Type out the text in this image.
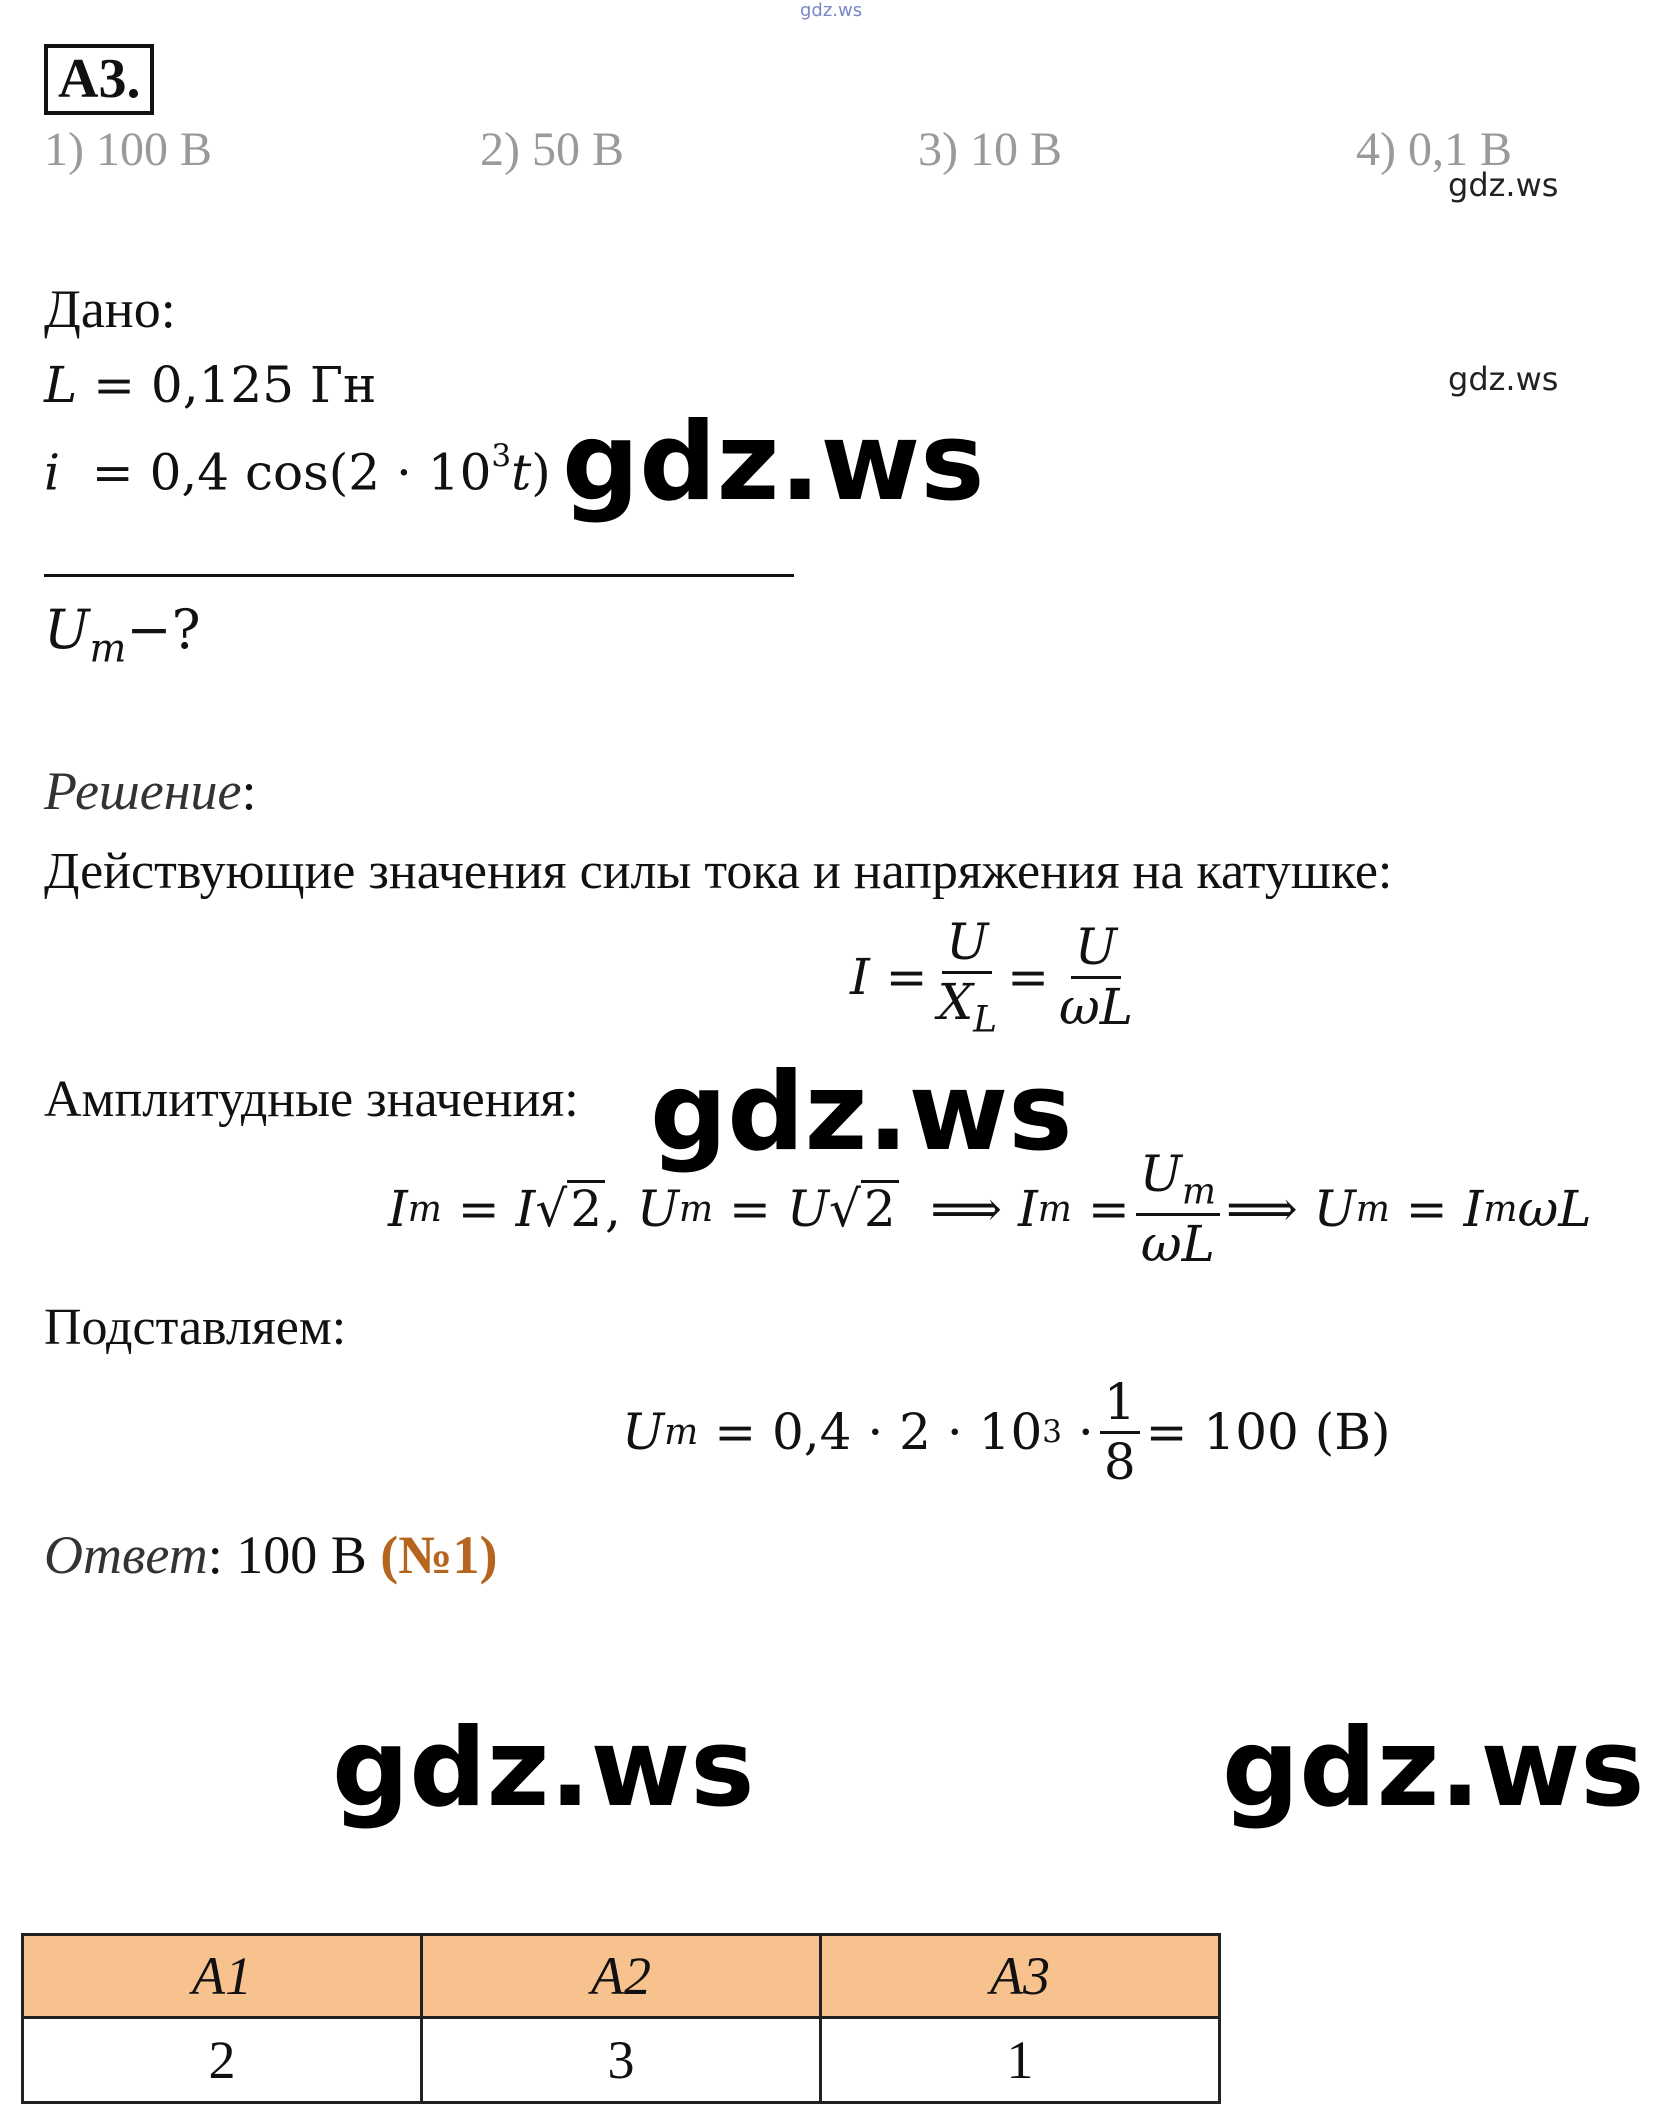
gdz.ws
А3.
1) 100 В	2) 50 В	3) 10 В	4) 0,1 В
gdz.ws
gdz.ws
Дано:
L = 0,125 Гн
i = 0,4 $\cos(2 \cdot 10^3t)$ gdz.ws
$U_m-$?
Решение:
Действующие значения силы тока и напряжения на катушке:
$I = \frac{U}{X_L} = \frac{U}{\omega L}$
Амплитудные значения: gdz.ws
I m = I √2 , U m = U √2 ⟹ I $m = \frac{U_m}{\omega L}$ ⟹ U m = I m ωL
Подставляем:
U m
= 0,4 · 2 · 10 $3 \cdot \frac{1}{8} = 100$ (В)
Ответ: 100 В (№1)
gdz.ws	gdz.ws
А1	А2	А3
2	3	1
